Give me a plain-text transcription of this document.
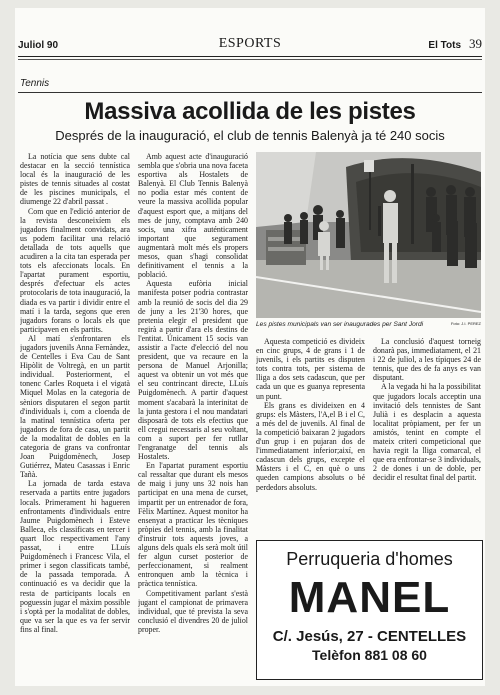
Juliol 90	ESPORTS	El Tots 39
Tennis
Massiva acollida de les pistes
Després de la inauguració, el club de tennis Balenyà ja té 240 socis

La notícia que sens dubte cal destacar en la secció tennística local és la inauguració de les pistes de tennis situades al costat de les piscines municipals, el diumenge 22 d'abril passat .

Com que en l'edició anterior de la revista desconeixíem els jugadors finalment convidats, ara us podem facilitar una relació detallada de tots aquells que acudiren a la cita tan esperada per tots els afeccionats locals. En l'apartat purament esportiu, després d'efectuar els actes protocolaris de tota inauguració, la diada es va partir i dividir entre el matí i la tarda, segons que eren jugadors forans o locals els que participaven en els partits.

Al matí s'enfrontaren els jugadors juvenils Anna Fernàndez, de Centelles i Eva Cau de Sant Hipòlit de Voltregà, en un partit individual. Posteriorment, el tonenc Carles Roqueta i el vigatà Miquel Molas en la categoria de sèniors disputaren el segon partit d'individuals i, com a cloenda de la matinal tennística oferta per jugadors de fora de casa, un partit de la modalitat de dobles en la categoria de grans va confrontar Joan Puigdomènech, Josep Gutiérrez, Mateu Casassas i Enric Tañà.

La jornada de tarda estava reservada a partits entre jugadors locals. Primerament hi hagueren enfrontaments d'individuals entre Jaume Puigdomènech i Esteve Balleca, els classificats en tercer i quart lloc respectivament l'any passat, i entre LLuís Puigdomènech i Francesc Vila, el primer i segon classificats també, de la passada temporada. A continuació es va decidir que la resta de participants locals en poguessin jugar el màxim possible i s'optà per la modalitat de dobles, que va ser la que es va fer servir fins al final.

Amb aquest acte d'inauguració sembla que s'obria una nova faceta esportiva als Hostalets de Balenyà. El Club Tennis Balenyà no podia estar més content de veure la massiva acollida popular d'aquest esport que, a mitjans del mes de juny, comptava amb 240 socis, una xifra auténticament important que segurament augmentarà molt més els propers mesos, quan s'hagi consolidat definitivament el tennis a la població.

Aquesta eufòria inicial manifesta potser podria contrastar amb la reunió de socis del dia 29 de juny a les 21'30 hores, que pretenia elegir el president que regirà a partir d'ara els destins de l'entitat. Únicament 15 socis van assistir a l'acte d'elecció del nou president, que va recaure en la persona de Manuel Arjonilla; aquest va obtenir un vot més que el seu contrincant directe, LLuís Puigdomènech. A partir d'aquest moment s'acabarà la interinitat de la junta gestora i el nou mandatari disposarà de tots els efectius que ell cregui necessaris al seu voltant, com a suport per fer rutllar l'engranatge del tennis als Hostalets.

En l'apartat purament esportiu cal ressaltar que durant els mesos de maig i juny uns 32 nois han participat en una mena de curset, impartit per un entrenador de fora, Fèlix Martínez. Aquest monitor ha ensenyat a practicar les tècniques pròpies del tennis, amb la finalitat d'instruir tots aquests joves, a alguns dels quals els serà molt útil fer algun curset posterior de perfeccionament, si realment entronquen amb la tècnica i pràctica tennística.

Competitivament parlant s'està jugant el campionat de primavera individual, que té prevista la seva conclusió el divendres 20 de juliol proper.

Les pistes municipals van ser inaugurades per Sant Jordi	Foto: J.I. PEREZ

Aquesta competició es divideix en cinc grups, 4 de grans i 1 de juvenils, i els partits es disputen tots contra tots, per sistema de lliga a dos sets cadascun, que per cada un que es guanya representa un punt.

Els grans es divideixen en 4 grups: els Màsters, l'A,el B i el C, a més del de juvenils. Al final de la competició baixaran 2 jugadors d'un grup i en pujaran dos de l'immediatament inferior;així, en cadascun dels grups, excepte el Màsters i el C, en què o uns queden campions absoluts o bé perdedors absoluts.

La conclusió d'aquest torneig donarà pas, immediatament, el 21 i 22 de juliol, a les típiques 24 de tennis, que des de fa anys es van disputant.

A la vegada hi ha la possibilitat que jugadors locals acceptin una invitació dels tennistes de Sant Julià i es desplacin a aquesta localitat pròpiament, per fer un amistós, tenint en compte el mateix criteri competicional que havia regit la lliga comarcal, el que era enfrontar-se 3 individuals, 2 de dones i un de doble, per decidir el resultat final del partit.

Perruqueria d'homes
MANEL
C/. Jesús, 27 - CENTELLES
Telèfon 881 08 60
